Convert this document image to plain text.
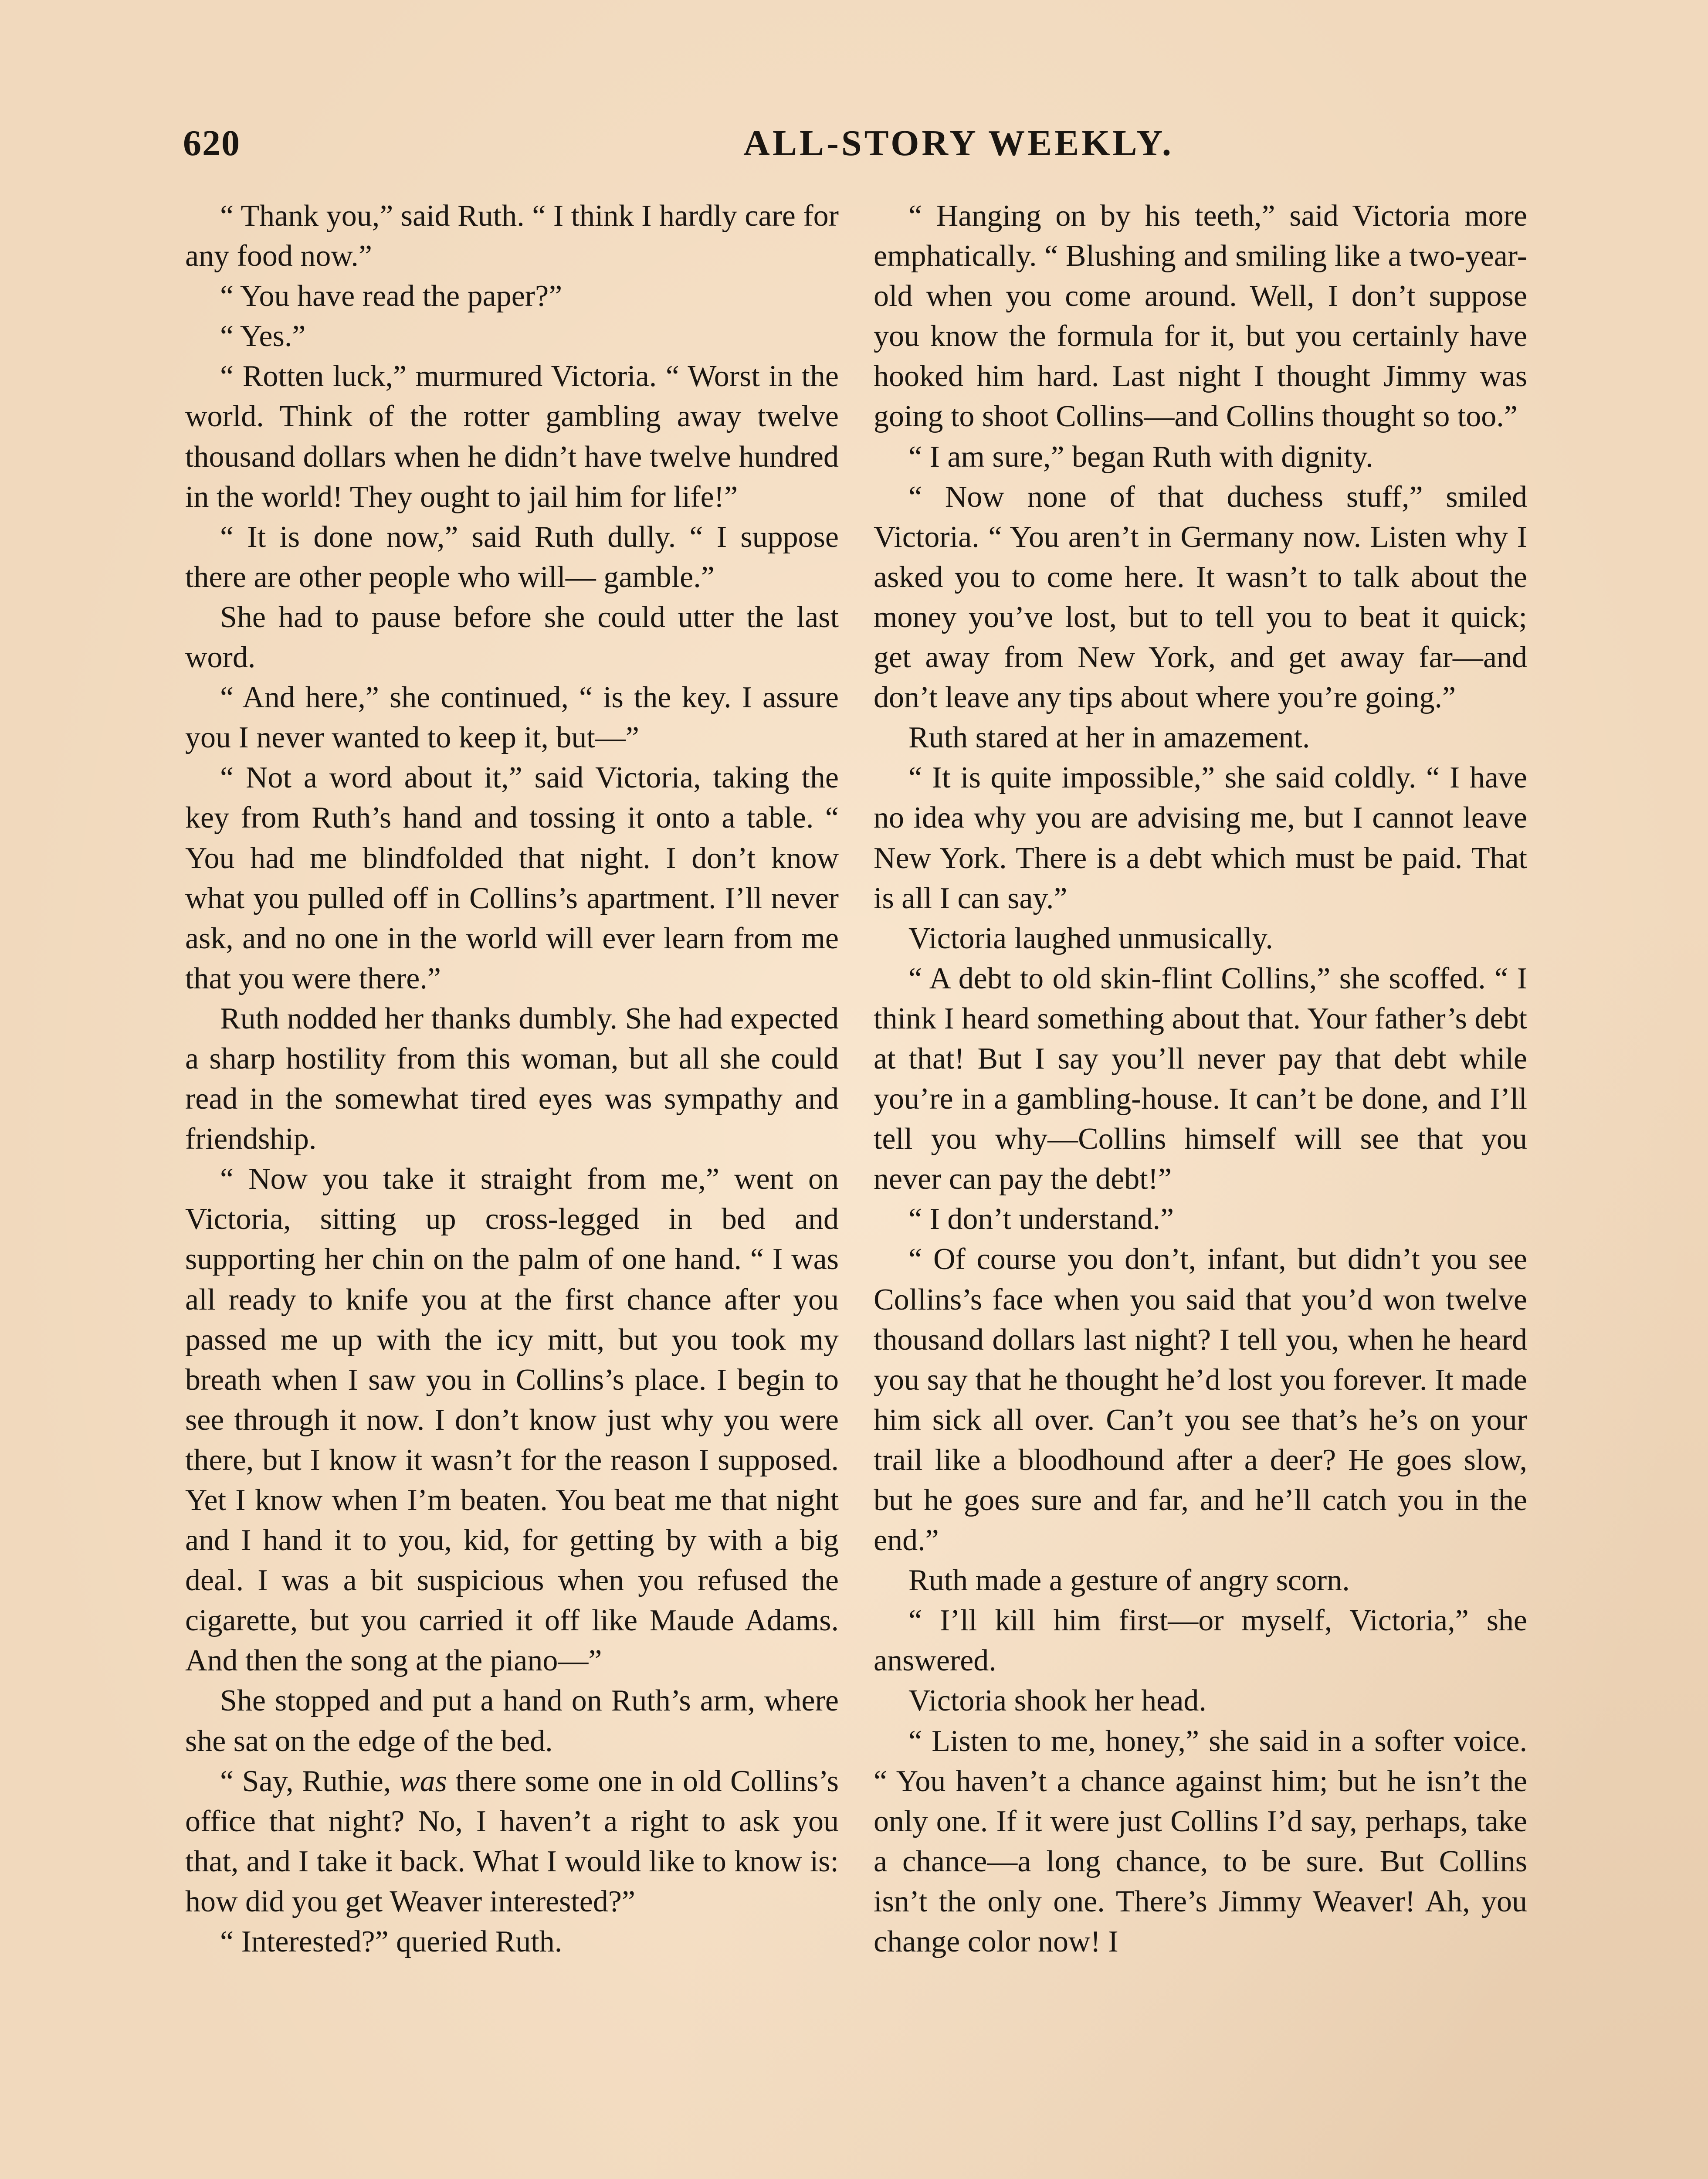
620	ALL-STORY WEEKLY.

“ Thank you,” said Ruth. “ I think I hardly care for any food now.”

“ You have read the paper?”

“ Yes.”

“ Rotten luck,” murmured Victoria. “ Worst in the world. Think of the rotter gambling away twelve thousand dollars when he didn’t have twelve hundred in the world! They ought to jail him for life!”

“ It is done now,” said Ruth dully. “ I suppose there are other people who will— gamble.”

She had to pause before she could utter the last word.

“ And here,” she continued, “ is the key. I assure you I never wanted to keep it, but—”

“ Not a word about it,” said Victoria, taking the key from Ruth’s hand and tossing it onto a table. “ You had me blindfolded that night. I don’t know what you pulled off in Collins’s apartment. I’ll never ask, and no one in the world will ever learn from me that you were there.”

Ruth nodded her thanks dumbly. She had expected a sharp hostility from this woman, but all she could read in the somewhat tired eyes was sympathy and friendship.

“ Now you take it straight from me,” went on Victoria, sitting up cross-legged in bed and supporting her chin on the palm of one hand. “ I was all ready to knife you at the first chance after you passed me up with the icy mitt, but you took my breath when I saw you in Collins’s place. I begin to see through it now. I don’t know just why you were there, but I know it wasn’t for the reason I supposed. Yet I know when I’m beaten. You beat me that night and I hand it to you, kid, for getting by with a big deal. I was a bit suspicious when you refused the cigarette, but you carried it off like Maude Adams. And then the song at the piano—”

She stopped and put a hand on Ruth’s arm, where she sat on the edge of the bed.

“ Say, Ruthie, was there some one in old Collins’s office that night? No, I haven’t a right to ask you that, and I take it back. What I would like to know is: how did you get Weaver interested?”

“ Interested?” queried Ruth.

“ Hanging on by his teeth,” said Victoria more emphatically. “ Blushing and smiling like a two-year-old when you come around. Well, I don’t suppose you know the formula for it, but you certainly have hooked him hard. Last night I thought Jimmy was going to shoot Collins—and Collins thought so too.”

“ I am sure,” began Ruth with dignity.

“ Now none of that duchess stuff,” smiled Victoria. “ You aren’t in Germany now. Listen why I asked you to come here. It wasn’t to talk about the money you’ve lost, but to tell you to beat it quick; get away from New York, and get away far—and don’t leave any tips about where you’re going.”

Ruth stared at her in amazement.

“ It is quite impossible,” she said coldly. “ I have no idea why you are advising me, but I cannot leave New York. There is a debt which must be paid. That is all I can say.”

Victoria laughed unmusically.

“ A debt to old skin-flint Collins,” she scoffed. “ I think I heard something about that. Your father’s debt at that! But I say you’ll never pay that debt while you’re in a gambling-house. It can’t be done, and I’ll tell you why—Collins himself will see that you never can pay the debt!”

“ I don’t understand.”

“ Of course you don’t, infant, but didn’t you see Collins’s face when you said that you’d won twelve thousand dollars last night? I tell you, when he heard you say that he thought he’d lost you forever. It made him sick all over. Can’t you see that’s he’s on your trail like a bloodhound after a deer? He goes slow, but he goes sure and far, and he’ll catch you in the end.”

Ruth made a gesture of angry scorn.

“ I’ll kill him first—or myself, Victoria,” she answered.

Victoria shook her head.

“ Listen to me, honey,” she said in a softer voice. “ You haven’t a chance against him; but he isn’t the only one. If it were just Collins I’d say, perhaps, take a chance—a long chance, to be sure. But Collins isn’t the only one. There’s Jimmy Weaver! Ah, you change color now! I
